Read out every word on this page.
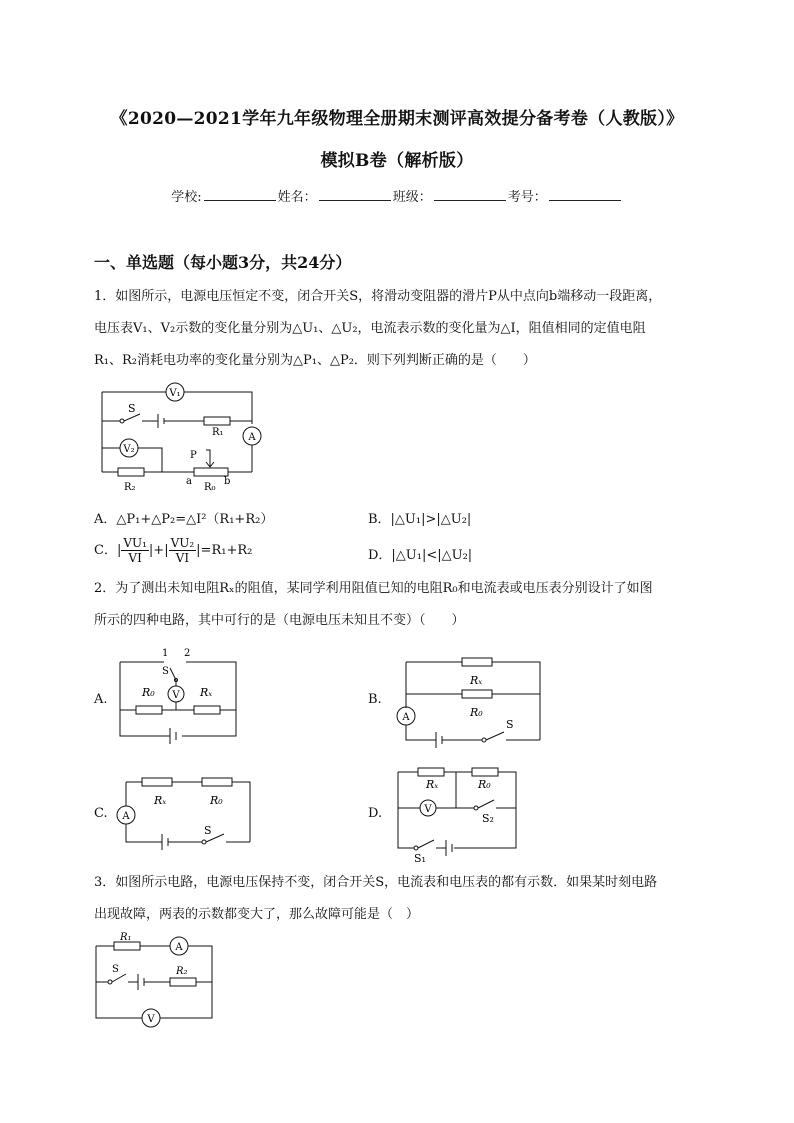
《2020—2021学年九年级物理全册期末测评高效提分备考卷（人教版）》
模拟B卷（解析版）
学校:	姓名：	班级：	考号：
一、单选题（每小题3分，共24分）
1．如图所示，电源电压恒定不变，闭合开关S，将滑动变阻器的滑片P从中点向b端移动一段距离，
电压表V₁、V₂示数的变化量分别为△U₁、△U₂，电流表示数的变化量为△I，阻值相同的定值电阻
R₁、R₂消耗电功率的变化量分别为△P₁、△P₂．则下列判断正确的是（　　）
V₁
S
R₁ A
V₂
P
R₂
a
R₀
b
A．△P₁+△P₂=△I²（R₁+R₂）	B．|△U₁|>|△U₂|
C．| $\frac{\text{VU₁}}{VI}$ |+| $\frac{\text{VU₂}}{VI} |=R_1+R_2$	D．|△U₁|<|△U₂|
2．为了测出未知电阻Rₓ的阻值，某同学利用阻值已知的电阻R₀和电流表或电压表分别设计了如图
所示的四种电路，其中可行的是（电源电压未知且不变）（　　）
A.
1 2
S
R₀ V Rₓ	B.
Rₓ
R₀
A
S
C. A
Rₓ	R₀
S
D.
Rₓ	R₀
V
S₂
S₁
3．如图所示电路，电源电压保持不变，闭合开关S，电流表和电压表的都有示数．如果某时刻电路
出现故障，两表的示数都变大了，那么故障可能是（　）
R₁
A
S	R₂
V
